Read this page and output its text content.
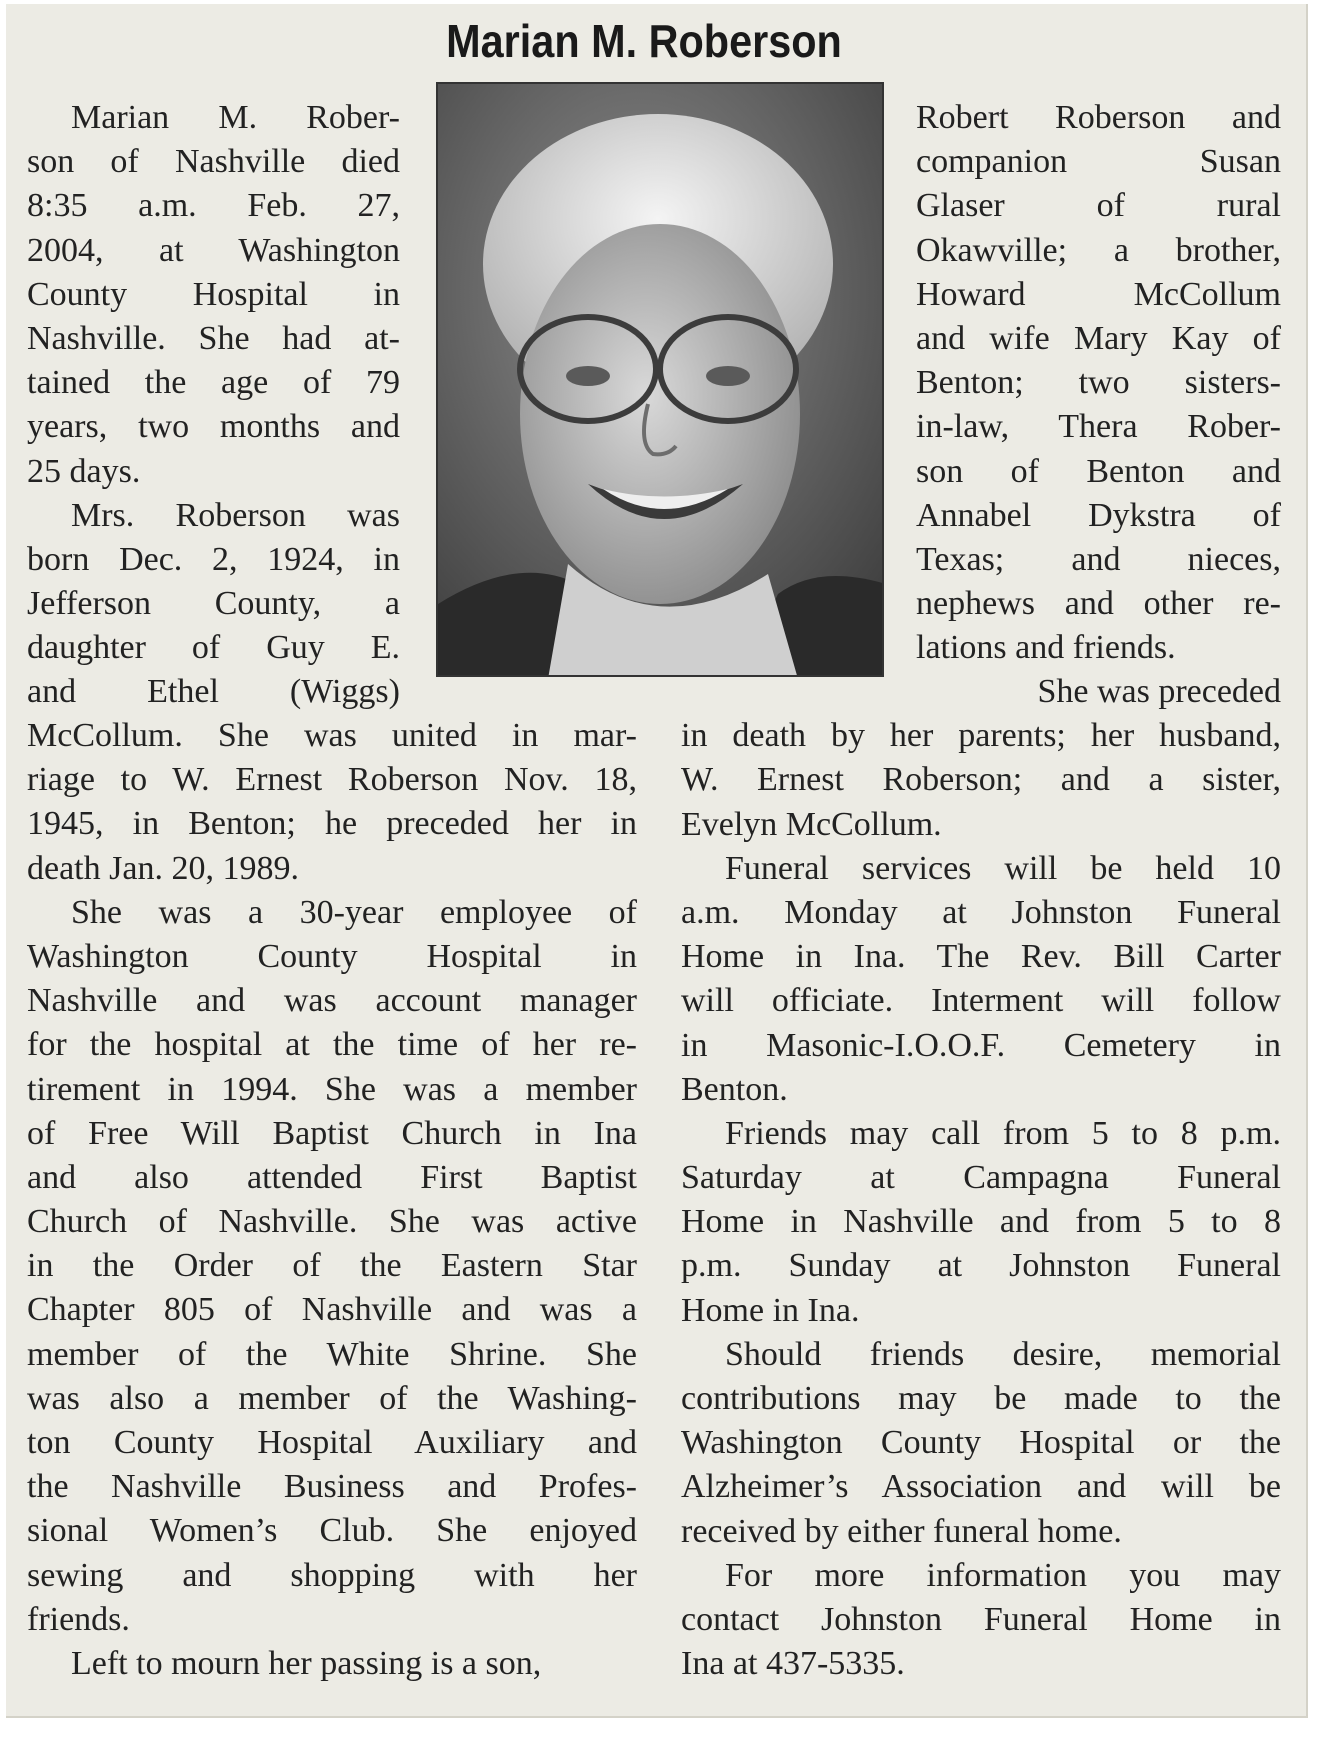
Marian M. Roberson
Marian M. Rober-
son of Nashville died
8:35 a.m. Feb. 27,
2004, at Washington
County Hospital in
Nashville. She had at-
tained the age of 79
years, two months and
25 days.
Mrs. Roberson was
born Dec. 2, 1924, in
Jefferson County, a
daughter of Guy E.
and Ethel (Wiggs)
McCollum. She was united in mar-
riage to W. Ernest Roberson Nov. 18,
1945, in Benton; he preceded her in
death Jan. 20, 1989.
She was a 30-year employee of
Washington County Hospital in
Nashville and was account manager
for the hospital at the time of her re-
tirement in 1994. She was a member
of Free Will Baptist Church in Ina
and also attended First Baptist
Church of Nashville. She was active
in the Order of the Eastern Star
Chapter 805 of Nashville and was a
member of the White Shrine. She
was also a member of the Washing-
ton County Hospital Auxiliary and
the Nashville Business and Profes-
sional Women’s Club. She enjoyed
sewing and shopping with her
friends.
Left to mourn her passing is a son,
Robert Roberson and
companion Susan
Glaser of rural
Okawville; a brother,
Howard McCollum
and wife Mary Kay of
Benton; two sisters-
in-law, Thera Rober-
son of Benton and
Annabel Dykstra of
Texas; and nieces,
nephews and other re-
lations and friends.
She was preceded
in death by her parents; her husband,
W. Ernest Roberson; and a sister,
Evelyn McCollum.
Funeral services will be held 10
a.m. Monday at Johnston Funeral
Home in Ina. The Rev. Bill Carter
will officiate. Interment will follow
in Masonic-I.O.O.F. Cemetery in
Benton.
Friends may call from 5 to 8 p.m.
Saturday at Campagna Funeral
Home in Nashville and from 5 to 8
p.m. Sunday at Johnston Funeral
Home in Ina.
Should friends desire, memorial
contributions may be made to the
Washington County Hospital or the
Alzheimer’s Association and will be
received by either funeral home.
For more information you may
contact Johnston Funeral Home in
Ina at 437-5335.
